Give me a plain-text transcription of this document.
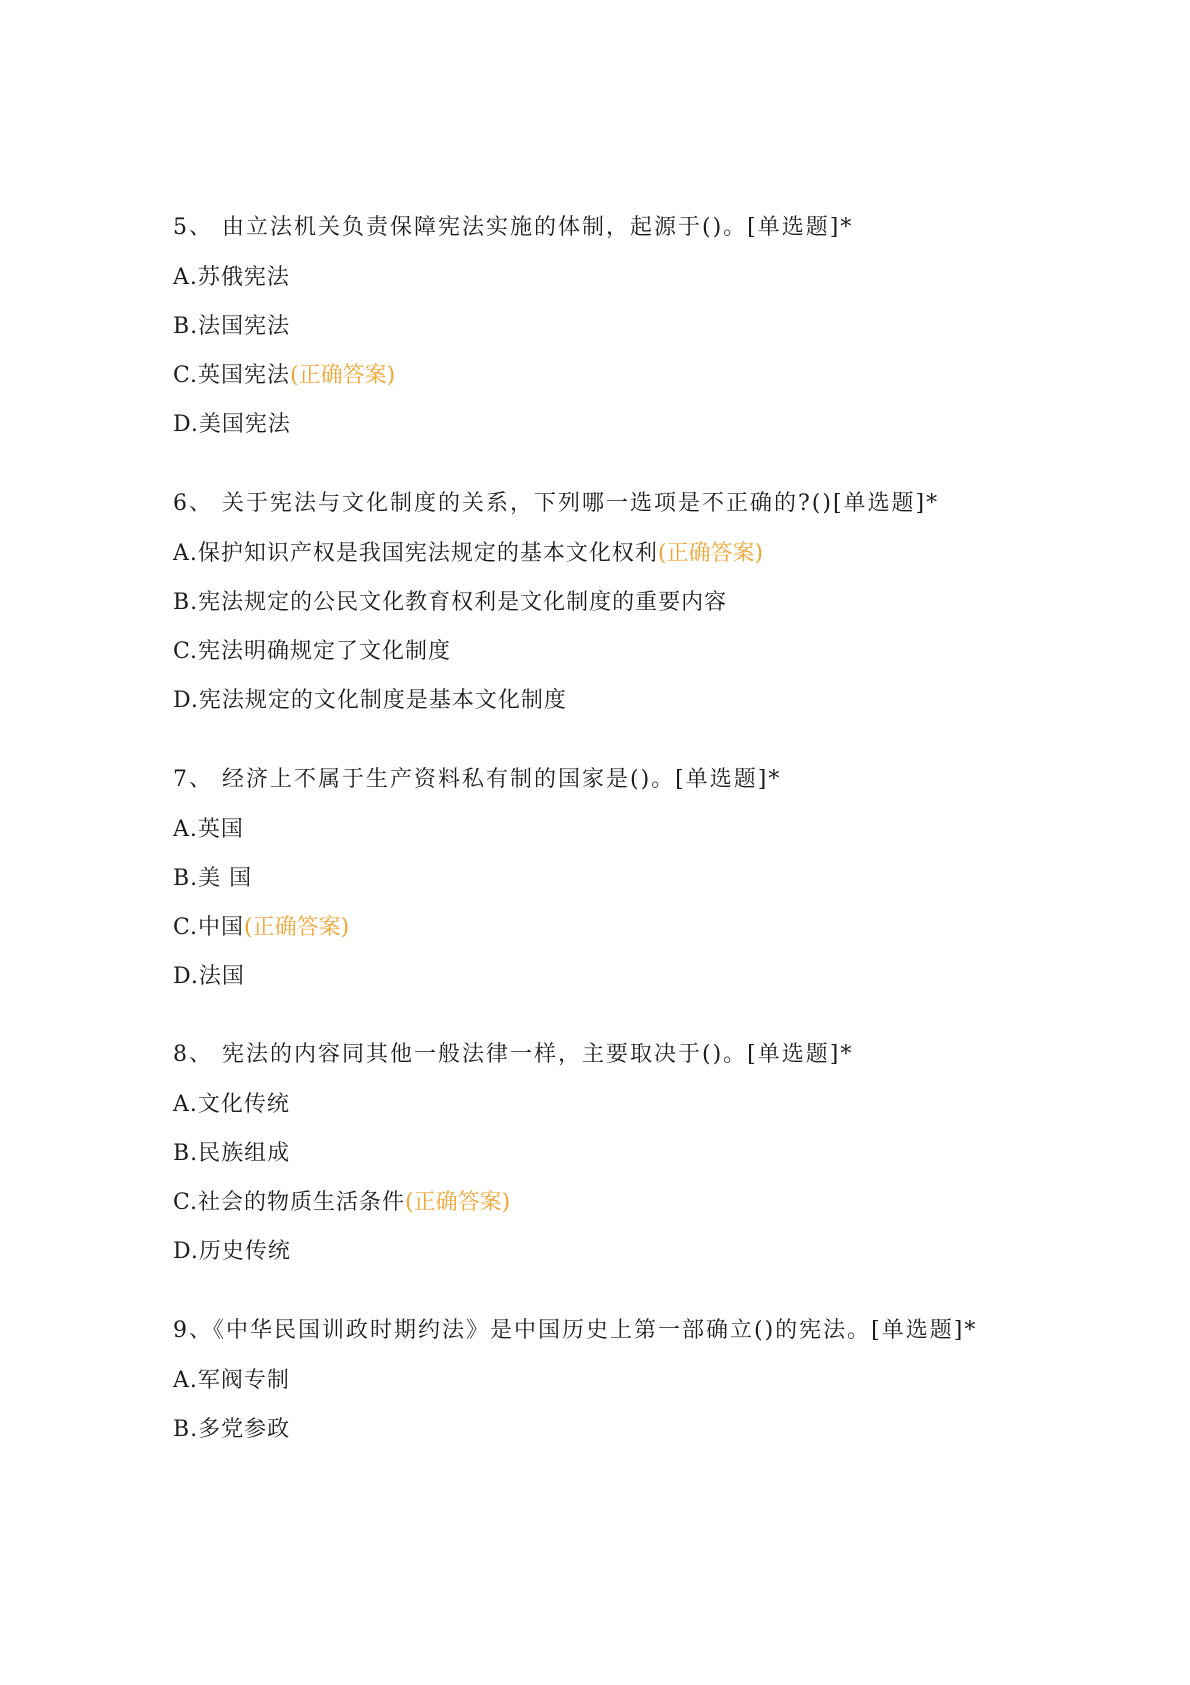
5、 由立法机关负责保障宪法实施的体制，起源于()。[单选题]*
A.苏俄宪法
B.法国宪法
C.英国宪法(正确答案)
D.美国宪法
6、 关于宪法与文化制度的关系，下列哪一选项是不正确的?()[单选题]*
A.保护知识产权是我国宪法规定的基本文化权利(正确答案)
B.宪法规定的公民文化教育权利是文化制度的重要内容
C.宪法明确规定了文化制度
D.宪法规定的文化制度是基本文化制度
7、 经济上不属于生产资料私有制的国家是()。[单选题]*
A.英国
B.美 国
C.中国(正确答案)
D.法国
8、 宪法的内容同其他一般法律一样，主要取决于()。[单选题]*
A.文化传统
B.民族组成
C.社会的物质生活条件(正确答案)
D.历史传统
9、《中华民国训政时期约法》是中国历史上第一部确立()的宪法。[单选题]*
A.军阀专制
B.多党参政
